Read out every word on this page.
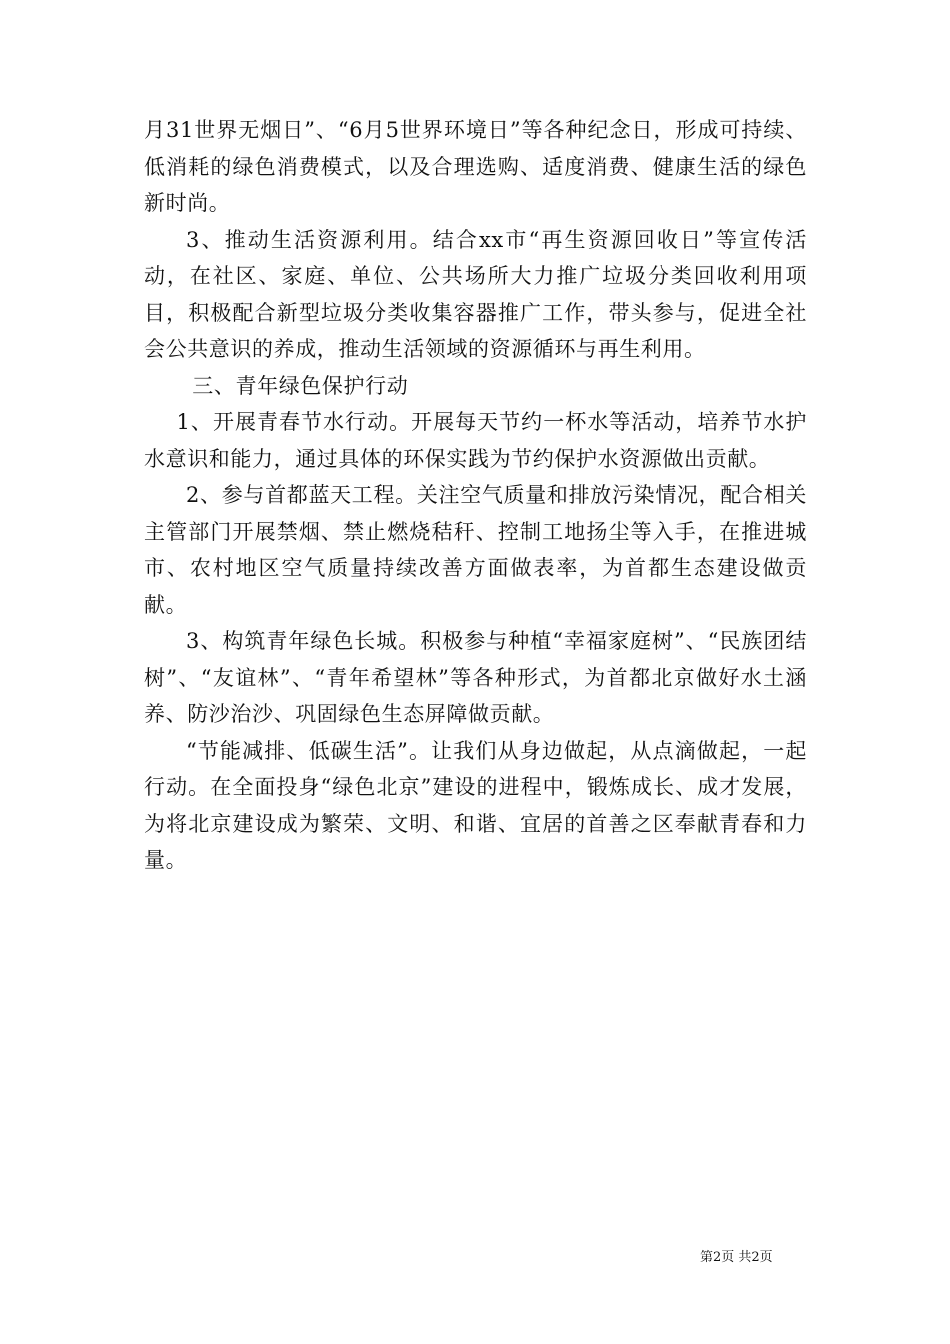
月31世界无烟日”、“6月5世界环境日”等各种纪念日，形成可持续、低消耗的绿色消费模式，以及合理选购、适度消费、健康生活的绿色新时尚。

3、推动生活资源利用。结合xx市“再生资源回收日”等宣传活动，在社区、家庭、单位、公共场所大力推广垃圾分类回收利用项目，积极配合新型垃圾分类收集容器推广工作，带头参与，促进全社会公共意识的养成，推动生活领域的资源循环与再生利用。

三、青年绿色保护行动

1、开展青春节水行动。开展每天节约一杯水等活动，培养节水护水意识和能力，通过具体的环保实践为节约保护水资源做出贡献。

2、参与首都蓝天工程。关注空气质量和排放污染情况，配合相关主管部门开展禁烟、禁止燃烧秸秆、控制工地扬尘等入手，在推进城市、农村地区空气质量持续改善方面做表率，为首都生态建设做贡献。

3、构筑青年绿色长城。积极参与种植“幸福家庭树”、“民族团结树”、“友谊林”、“青年希望林”等各种形式，为首都北京做好水土涵养、防沙治沙、巩固绿色生态屏障做贡献。

“节能减排、低碳生活”。让我们从身边做起，从点滴做起，一起行动。在全面投身“绿色北京”建设的进程中，锻炼成长、成才发展，为将北京建设成为繁荣、文明、和谐、宜居的首善之区奉献青春和力量。

第2页 共2页
